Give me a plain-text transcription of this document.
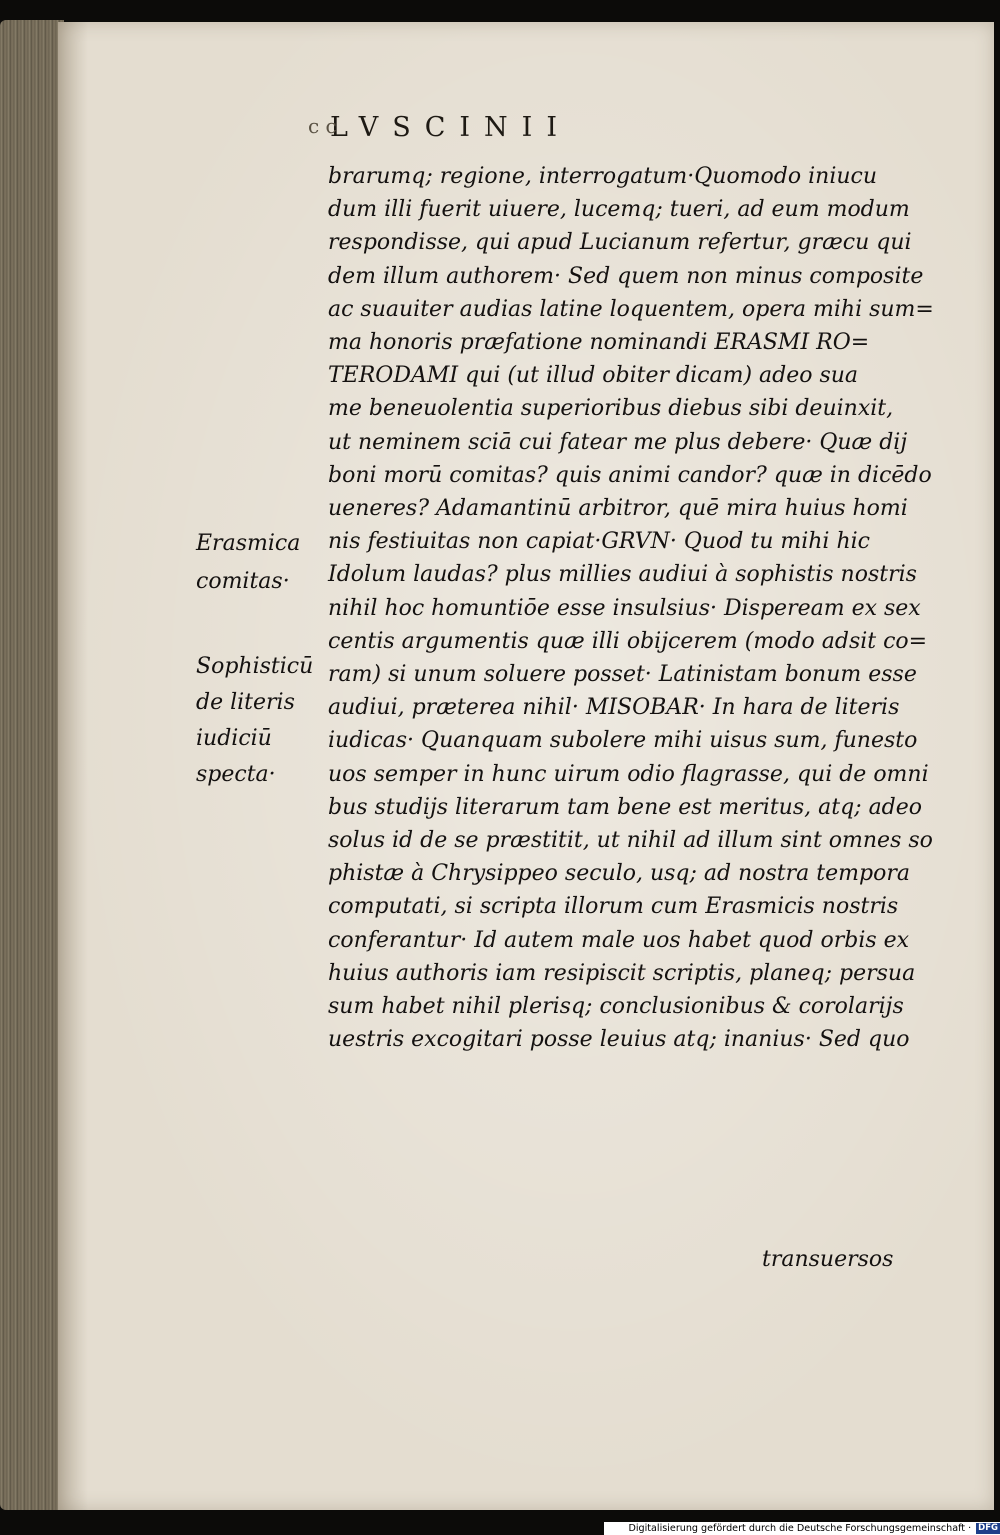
c c
LVSCINII
brarumq; regione, interrogatum·Quomodo iniucu
dum illi fuerit uiuere, lucemq; tueri, ad eum modum
respondisse, qui apud Lucianum refertur, græcu qui
dem illum authorem· Sed quem non minus composite
ac suauiter audias latine loquentem, opera mihi sum=
ma honoris præfatione nominandi ERASMI RO=
TERODAMI qui (ut illud obiter dicam) adeo sua
me beneuolentia superioribus diebus sibi deuinxit,
ut neminem sciā cui fatear me plus debere· Quæ dij
boni morū comitas? quis animi candor? quæ in dicēdo
ueneres? Adamantinū arbitror, quē mira huius homi
nis festiuitas non capiat·GRVN· Quod tu mihi hic
Idolum laudas? plus millies audiui à sophistis nostris
nihil hoc homuntiōe esse insulsius· Dispeream ex sex
centis argumentis quæ illi obijcerem (modo adsit co=
ram) si unum soluere posset· Latinistam bonum esse
audiui, præterea nihil· MISOBAR· In hara de literis
iudicas· Quanquam subolere mihi uisus sum, funesto
uos semper in hunc uirum odio flagrasse, qui de omni
bus studijs literarum tam bene est meritus, atq; adeo
solus id de se præstitit, ut nihil ad illum sint omnes so
phistæ à Chrysippeo seculo, usq; ad nostra tempora
computati, si scripta illorum cum Erasmicis nostris
conferantur· Id autem male uos habet quod orbis ex
huius authoris iam resipiscit scriptis, planeq; persua
sum habet nihil plerisq; conclusionibus & corolarijs
uestris excogitari posse leuius atq; inanius· Sed quo
Erasmica
comitas·
Sophisticū
de literis
iudiciū
specta·
transuersos
Digitalisierung gefördert durch die Deutsche Forschungsgemeinschaft · DFG
